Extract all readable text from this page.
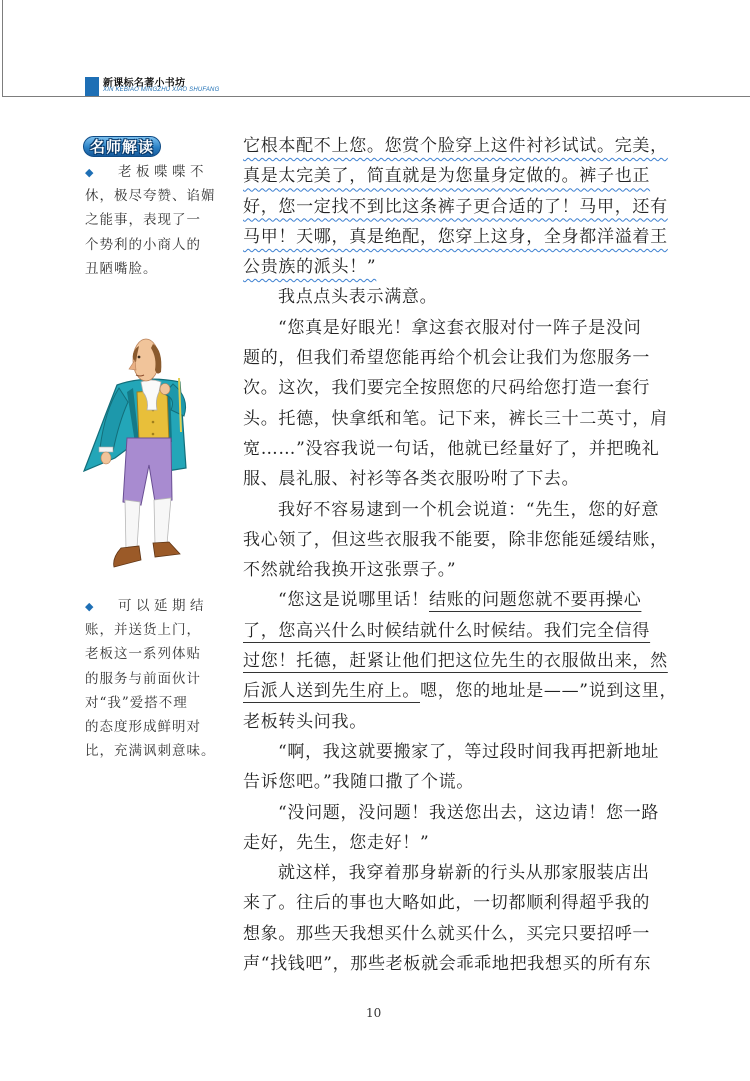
新课标名著小书坊
XIN KEBIAO MINGZHU XIAO SHUFANG
名师解读
◆ 老板喋喋不
休，极尽夸赞、谄媚
之能事，表现了一
个势利的小商人的
丑陋嘴脸。
◆ 可以延期结
账，并送货上门，
老板这一系列体贴
的服务与前面伙计
对“我”爱搭不理
的态度形成鲜明对
比，充满讽刺意味。
它根本配不上您。您赏个脸穿上这件衬衫试试。完美，
真是太完美了，简直就是为您量身定做的。裤子也正
好，您一定找不到比这条裤子更合适的了！马甲，还有
马甲！天哪，真是绝配，您穿上这身，全身都洋溢着王
公贵族的派头！”
我点点头表示满意。
“您真是好眼光！拿这套衣服对付一阵子是没问
题的，但我们希望您能再给个机会让我们为您服务一
次。这次，我们要完全按照您的尺码给您打造一套行
头。托德，快拿纸和笔。记下来，裤长三十二英寸，肩
宽……”没容我说一句话，他就已经量好了，并把晚礼
服、晨礼服、衬衫等各类衣服吩咐了下去。
我好不容易逮到一个机会说道：“先生，您的好意
我心领了，但这些衣服我不能要，除非您能延缓结账，
不然就给我换开这张票子。”
“您这是说哪里话！结账的问题您就不要再操心
了，您高兴什么时候结就什么时候结。我们完全信得
过您！托德，赶紧让他们把这位先生的衣服做出来，然
后派人送到先生府上。嗯，您的地址是——”说到这里，
老板转头问我。
“啊，我这就要搬家了，等过段时间我再把新地址
告诉您吧。”我随口撒了个谎。
“没问题，没问题！我送您出去，这边请！您一路
走好，先生，您走好！”
就这样，我穿着那身崭新的行头从那家服装店出
来了。往后的事也大略如此，一切都顺利得超乎我的
想象。那些天我想买什么就买什么，买完只要招呼一
声“找钱吧”，那些老板就会乖乖地把我想买的所有东
10
